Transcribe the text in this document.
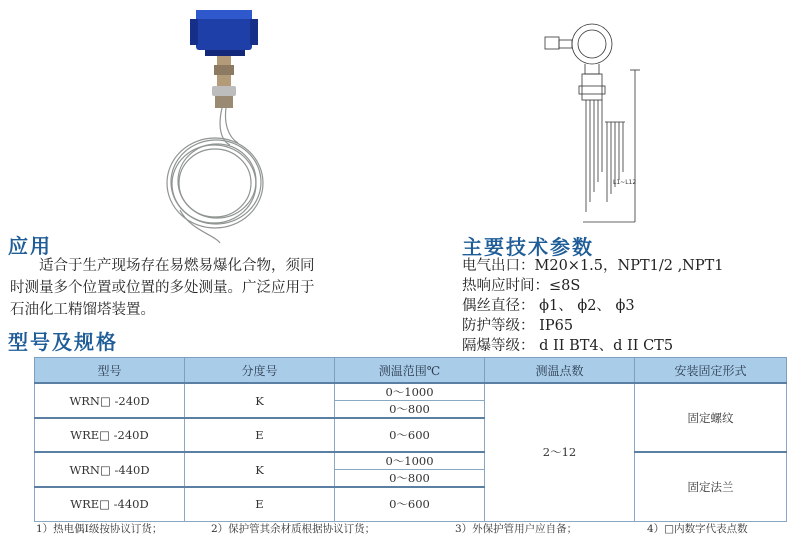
L1~L12
应用
适合于生产现场存在易燃易爆化合物，须同
时测量多个位置或位置的多处测量。广泛应用于
石油化工精馏塔装置。
型号及规格
主要技术参数
电气出口：M20×1.5，NPT1/2 ,NPT1
热响应时间：≤8S
偶丝直径： ϕ1、 ϕ2、 ϕ3
防护等级： IP65
隔爆等级： d II BT4、d II CT5
型号	分度号	测温范围℃	测温点数	安装固定形式
WRN□ -240D	K	0～1000	2～12	固定螺纹
		0～800		
WRE□ -240D	E	0～600		

WRN□ -440D	K	0～1000		固定法兰
		0～800		
WRE□ -440D	E	0～600		

1）热电偶I级按协议订货；	2）保护管其余材质根据协议订货；	3）外保护管用户应自备；	4）□内数字代表点数
